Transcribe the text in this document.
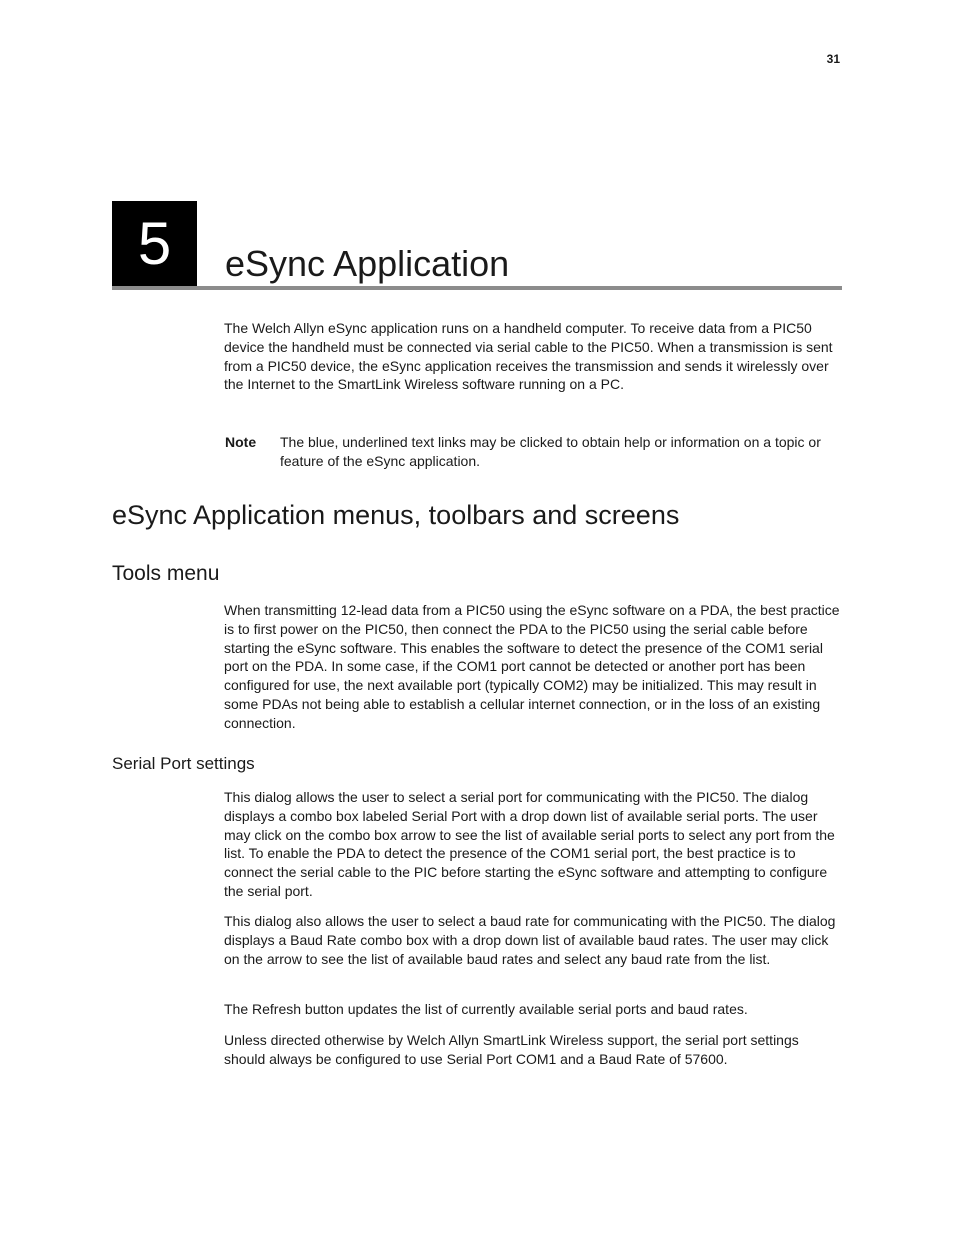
31
5	eSync Application

The Welch Allyn eSync application runs on a handheld computer. To receive data from a PIC50 device the handheld must be connected via serial cable to the PIC50. When a transmission is sent from a PIC50 device, the eSync application receives the transmission and sends it wirelessly over the Internet to the SmartLink Wireless software running on a PC.

Note The blue, underlined text links may be clicked to obtain help or information on a topic or feature of the eSync application.

eSync Application menus, toolbars and screens
Tools menu

When transmitting 12-lead data from a PIC50 using the eSync software on a PDA, the best practice is to first power on the PIC50, then connect the PDA to the PIC50 using the serial cable before starting the eSync software. This enables the software to detect the presence of the COM1 serial port on the PDA. In some case, if the COM1 port cannot be detected or another port has been configured for use, the next available port (typically COM2) may be initialized. This may result in some PDAs not being able to establish a cellular internet connection, or in the loss of an existing connection.

Serial Port settings

This dialog allows the user to select a serial port for communicating with the PIC50. The dialog displays a combo box labeled Serial Port with a drop down list of available serial ports. The user may click on the combo box arrow to see the list of available serial ports to select any port from the list. To enable the PDA to detect the presence of the COM1 serial port, the best practice is to connect the serial cable to the PIC before starting the eSync software and attempting to configure the serial port.

This dialog also allows the user to select a baud rate for communicating with the PIC50. The dialog displays a Baud Rate combo box with a drop down list of available baud rates. The user may click on the arrow to see the list of available baud rates and select any baud rate from the list.

The Refresh button updates the list of currently available serial ports and baud rates.

Unless directed otherwise by Welch Allyn SmartLink Wireless support, the serial port settings should always be configured to use Serial Port COM1 and a Baud Rate of 57600.
